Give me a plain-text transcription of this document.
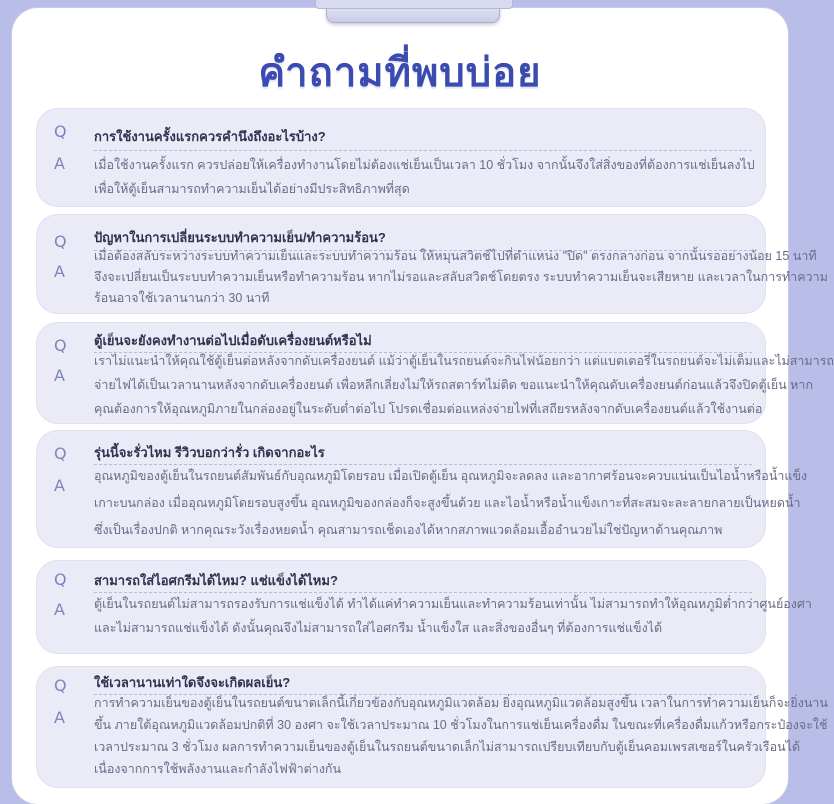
คำถามที่พบบ่อย
Q
A
การใช้งานครั้งแรกควรคำนึงถึงอะไรบ้าง?
เมื่อใช้งานครั้งแรก ควรปล่อยให้เครื่องทำงานโดยไม่ต้องแช่เย็นเป็นเวลา 10 ชั่วโมง จากนั้นจึงใส่สิ่งของที่ต้องการแช่เย็นลงไป
เพื่อให้ตู้เย็นสามารถทำความเย็นได้อย่างมีประสิทธิภาพที่สุด
Q
A
ปัญหาในการเปลี่ยนระบบทำความเย็น/ทำความร้อน?
เมื่อต้องสลับระหว่างระบบทำความเย็นและระบบทำความร้อน ให้หมุนสวิตช์ไปที่ตำแหน่ง "ปิด" ตรงกลางก่อน จากนั้นรออย่างน้อย 15 นาที
จึงจะเปลี่ยนเป็นระบบทำความเย็นหรือทำความร้อน หากไม่รอและสลับสวิตช์โดยตรง ระบบทำความเย็นจะเสียหาย และเวลาในการทำความ
ร้อนอาจใช้เวลานานกว่า 30 นาที
Q
A
ตู้เย็นจะยังคงทำงานต่อไปเมื่อดับเครื่องยนต์หรือไม่
เราไม่แนะนำให้คุณใช้ตู้เย็นต่อหลังจากดับเครื่องยนต์ แม้ว่าตู้เย็นในรถยนต์จะกินไฟน้อยกว่า แต่แบตเตอรี่ในรถยนต์จะไม่เต็มและไม่สามารถ
จ่ายไฟได้เป็นเวลานานหลังจากดับเครื่องยนต์ เพื่อหลีกเลี่ยงไม่ให้รถสตาร์ทไม่ติด ขอแนะนำให้คุณดับเครื่องยนต์ก่อนแล้วจึงปิดตู้เย็น หาก
คุณต้องการให้อุณหภูมิภายในกล่องอยู่ในระดับต่ำต่อไป โปรดเชื่อมต่อแหล่งจ่ายไฟที่เสถียรหลังจากดับเครื่องยนต์แล้วใช้งานต่อ
Q
A
รุ่นนี้จะรั่วไหม รีวิวบอกว่ารั่ว เกิดจากอะไร
อุณหภูมิของตู้เย็นในรถยนต์สัมพันธ์กับอุณหภูมิโดยรอบ เมื่อเปิดตู้เย็น อุณหภูมิจะลดลง และอากาศร้อนจะควบแน่นเป็นไอน้ำหรือน้ำแข็ง
เกาะบนกล่อง เมื่ออุณหภูมิโดยรอบสูงขึ้น อุณหภูมิของกล่องก็จะสูงขึ้นด้วย และไอน้ำหรือน้ำแข็งเกาะที่สะสมจะละลายกลายเป็นหยดน้ำ
ซึ่งเป็นเรื่องปกติ หากคุณระวังเรื่องหยดน้ำ คุณสามารถเช็ดเองได้หากสภาพแวดล้อมเอื้ออำนวยไม่ใช่ปัญหาด้านคุณภาพ
Q
A
สามารถใส่ไอศกรีมได้ไหม? แช่แข็งได้ไหม?
ตู้เย็นในรถยนต์ไม่สามารถรองรับการแช่แข็งได้ ทำได้แค่ทำความเย็นและทำความร้อนเท่านั้น ไม่สามารถทำให้อุณหภูมิต่ำกว่าศูนย์องศา
และไม่สามารถแช่แข็งได้ ดังนั้นคุณจึงไม่สามารถใส่ไอศกรีม น้ำแข็งใส และสิ่งของอื่นๆ ที่ต้องการแช่แข็งได้
Q
A
ใช้เวลานานเท่าใดจึงจะเกิดผลเย็น?
การทำความเย็นของตู้เย็นในรถยนต์ขนาดเล็กนี้เกี่ยวข้องกับอุณหภูมิแวดล้อม ยิ่งอุณหภูมิแวดล้อมสูงขึ้น เวลาในการทำความเย็นก็จะยิ่งนาน
ขึ้น ภายใต้อุณหภูมิแวดล้อมปกติที่ 30 องศา จะใช้เวลาประมาณ 10 ชั่วโมงในการแช่เย็นเครื่องดื่ม ในขณะที่เครื่องดื่มแก้วหรือกระป๋องจะใช้
เวลาประมาณ 3 ชั่วโมง ผลการทำความเย็นของตู้เย็นในรถยนต์ขนาดเล็กไม่สามารถเปรียบเทียบกับตู้เย็นคอมเพรสเซอร์ในครัวเรือนได้
เนื่องจากการใช้พลังงานและกำลังไฟฟ้าต่างกัน
